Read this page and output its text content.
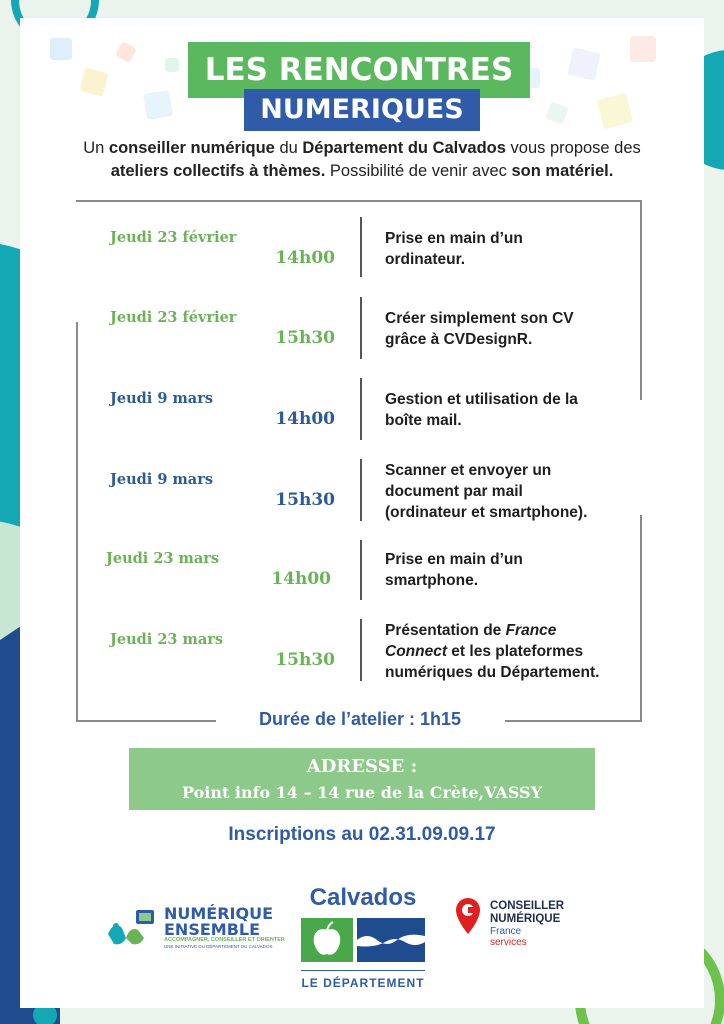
LES RENCONTRES
NUMERIQUES
Un conseiller numérique du Département du Calvados vous propose des
ateliers collectifs à thèmes. Possibilité de venir avec son matériel.
Jeudi 23 février
14h00
Prise en main d’un
ordinateur.
Jeudi 23 février
15h30
Créer simplement son CV
grâce à CVDesignR.
Jeudi 9 mars
14h00
Gestion et utilisation de la
boîte mail.
Jeudi 9 mars
15h30
Scanner et envoyer un
document par mail
(ordinateur et smartphone).
Jeudi 23 mars
14h00
Prise en main d’un
smartphone.
Jeudi 23 mars
15h30
Présentation de France
Connect et les plateformes
numériques du Département.
Durée de l’atelier : 1h15
ADRESSE :
Point info 14 – 14 rue de la Crète,VASSY
Inscriptions au 02.31.09.09.17
NUMÉRIQUE
ENSEMBLE
ACCOMPAGNER, CONSEILLER ET ORIENTER
UNE INITIATIVE DU DÉPARTEMENT DU CALVADOS
Calvados
LE DÉPARTEMENT
CONSEILLER
NUMÉRIQUE
France
services
